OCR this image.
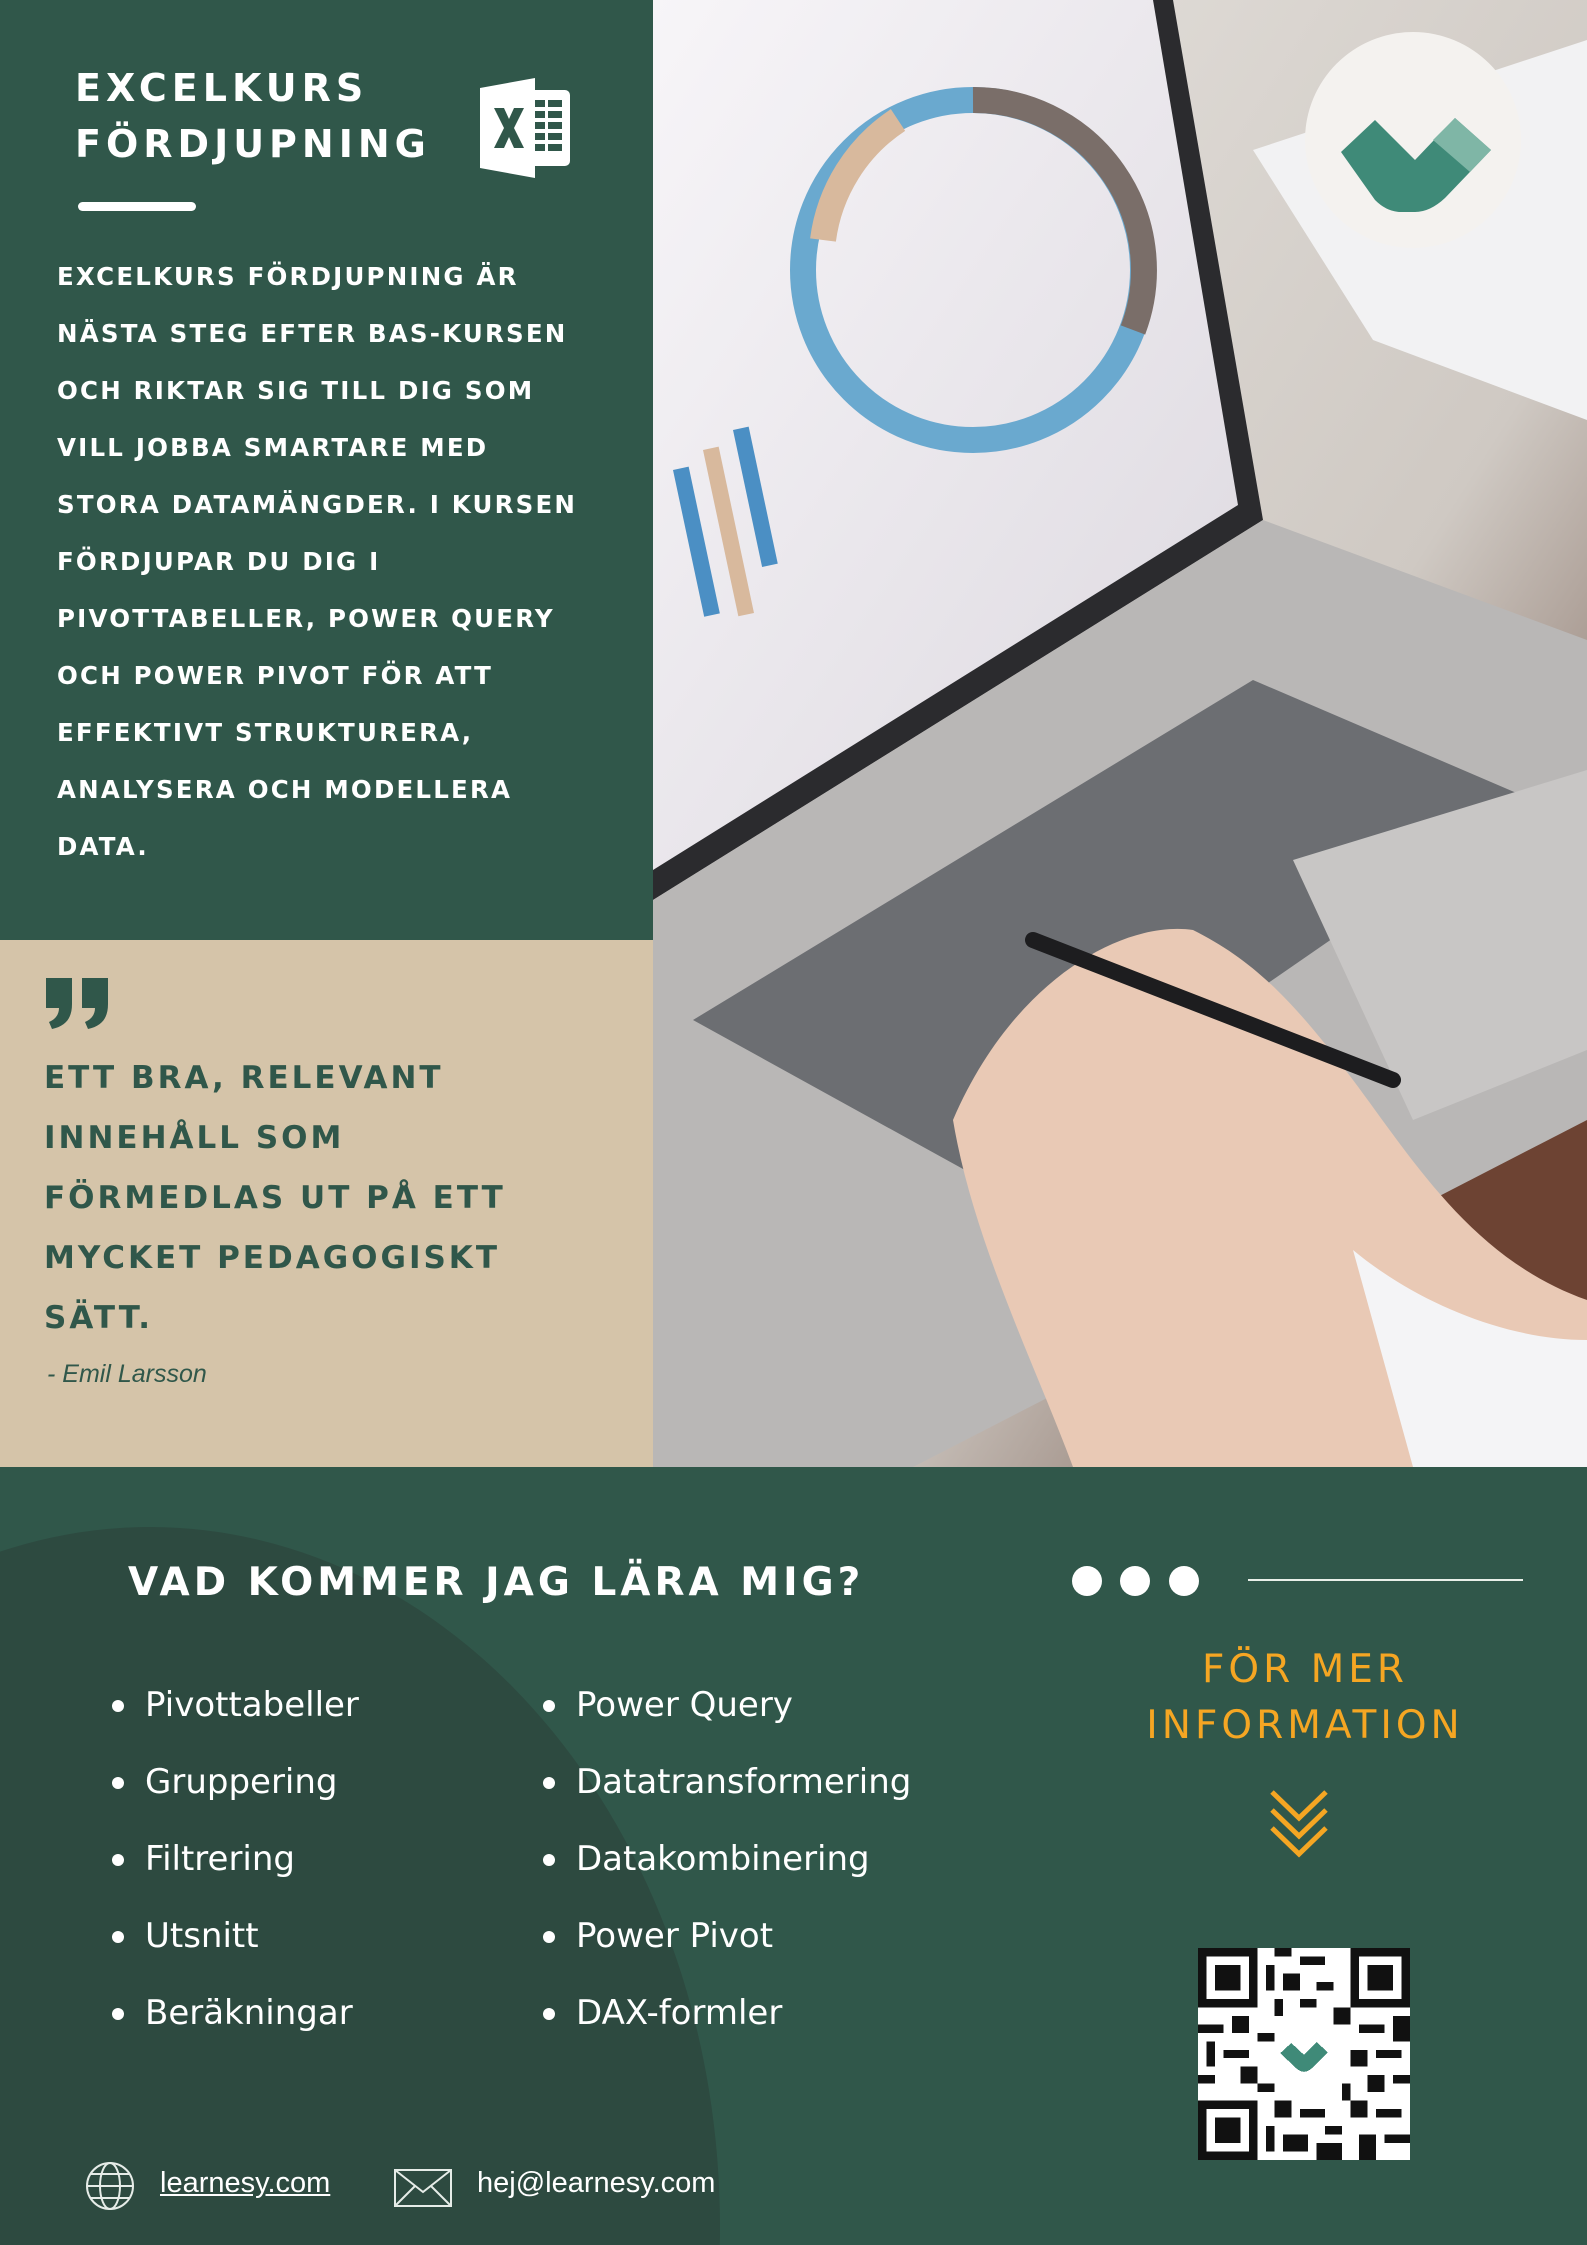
EXCELKURS
FÖRDJUPNING

EXCELKURS FÖRDJUPNING ÄR NÄSTA STEG EFTER BAS-KURSEN OCH RIKTAR SIG TILL DIG SOM VILL JOBBA SMARTARE MED STORA DATAMÄNGDER. I KURSEN FÖRDJUPAR DU DIG I PIVOTTABELLER, POWER QUERY OCH POWER PIVOT FÖR ATT EFFEKTIVT STRUKTURERA, ANALYSERA OCH MODELLERA DATA.

ETT BRA, RELEVANT INNEHÅLL SOM FÖRMEDLAS UT PÅ ETT MYCKET PEDAGOGISKT SÄTT.

- Emil Larsson
VAD KOMMER JAG LÄRA MIG?
Pivottabeller
Gruppering
Filtrering
Utsnitt
Beräkningar
Power Query
Datatransformering
Datakombinering
Power Pivot
DAX-formler

FÖR MER
INFORMATION

learnesy.com	hej@learnesy.com
